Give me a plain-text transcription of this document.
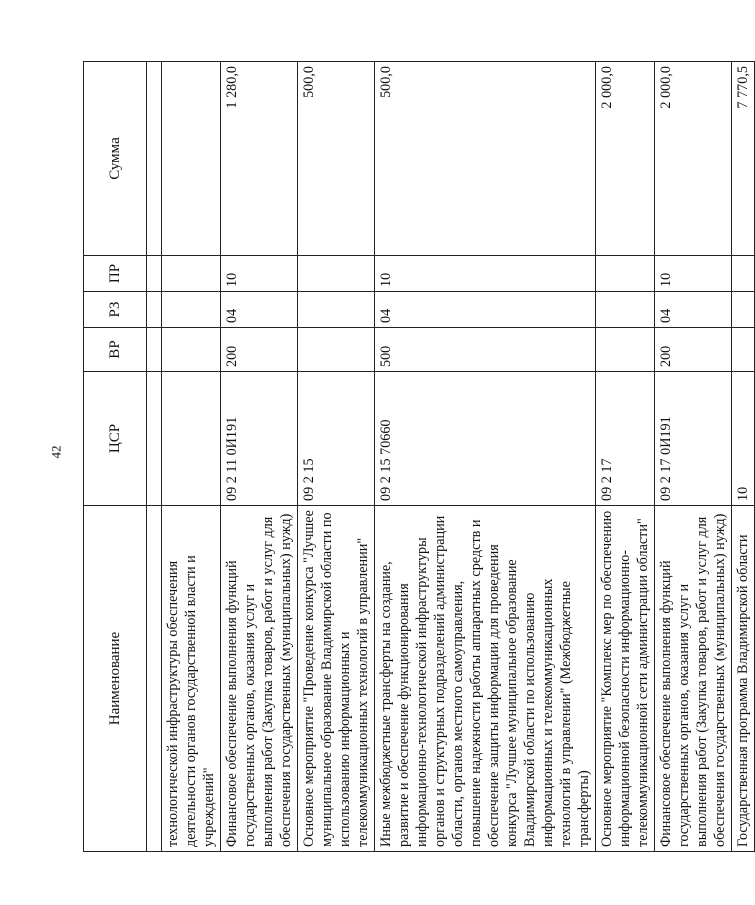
42
Наименование	ЦСР	ВР	РЗ	ПР	Сумма

технологической инфраструктуры обеспечения деятельности органов государственной власти и учреждений"					
Финансовое обеспечение выполнения функций государственных органов, оказания услуг и выполнения работ (Закупка товаров, работ и услуг для обеспечения государственных (муниципальных) нужд)	09 2 11 0И191	200	04	10	1 280,0
Основное мероприятие "Проведение конкурса "Лучшее муниципальное образование Владимирской области по использованию информационных и телекоммуникационных технологий в управлении"	09 2 15				500,0
Иные межбюджетные трансферты на создание, развитие и обеспечение функционирования информационно-технологической инфраструктуры органов и структурных подразделений администрации области, органов местного самоуправления, повышение надежности работы аппаратных средств и обеспечение защиты информации для проведения конкурса "Лучшее муниципальное образование Владимирской области по использованию информационных и телекоммуникационных технологий в управлении" (Межбюджетные трансферты)	09 2 15 70660	500	04	10	500,0
Основное мероприятие "Комплекс мер по обеспечению информационной безопасности информационно-телекоммуникационной сети администрации области"	09 2 17				2 000,0
Финансовое обеспечение выполнения функций государственных органов, оказания услуг и выполнения работ (Закупка товаров, работ и услуг для обеспечения государственных (муниципальных) нужд)	09 2 17 0И191	200	04	10	2 000,0
Государственная программа Владимирской области	10				7 770,5
